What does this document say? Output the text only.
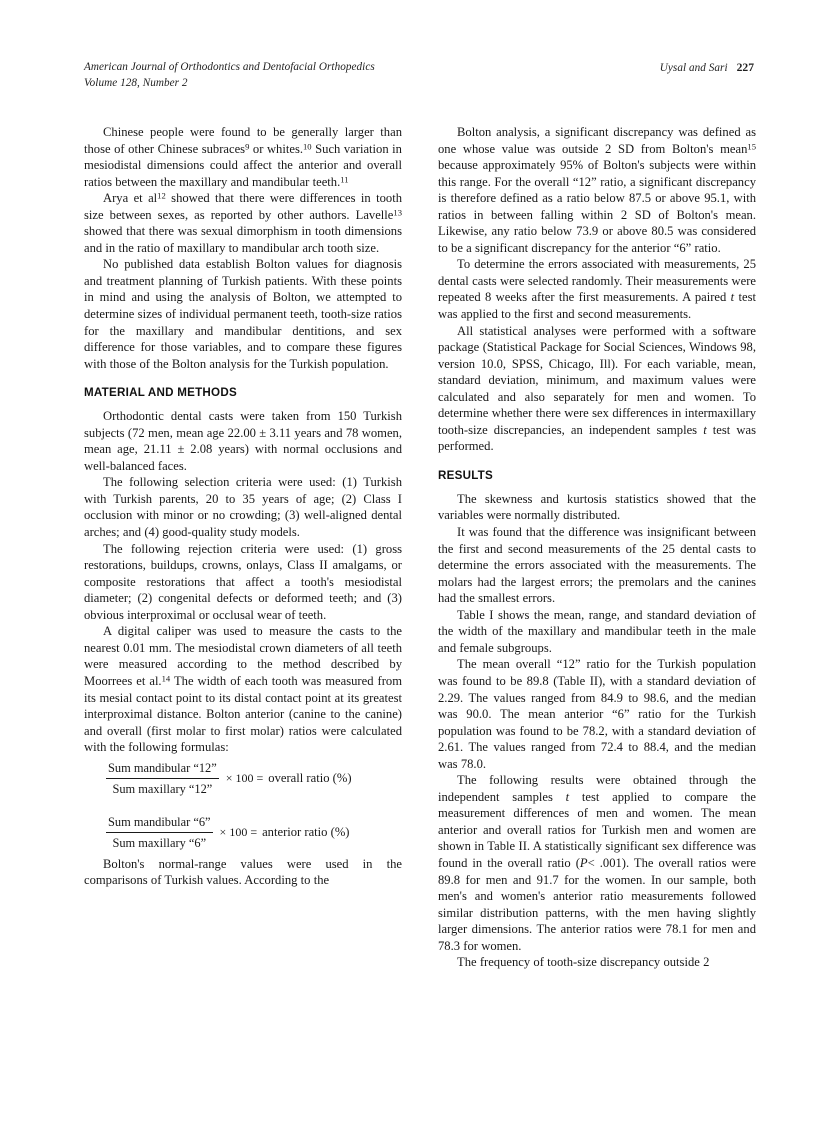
American Journal of Orthodontics and Dentofacial Orthopedics
Volume 128, Number 2
Uysal and Sari 227

Chinese people were found to be generally larger than those of other Chinese subraces$^9$ or whites.$^{10}$ Such variation in mesiodistal dimensions could affect the anterior and overall ratios between the maxillary and mandibular teeth.$^{11}$

Arya et al$^{12}$ showed that there were differences in tooth size between sexes, as reported by other authors. Lavelle$^{13}$ showed that there was sexual dimorphism in tooth dimensions and in the ratio of maxillary to mandibular arch tooth size.

No published data establish Bolton values for diagnosis and treatment planning of Turkish patients. With these points in mind and using the analysis of Bolton, we attempted to determine sizes of individual permanent teeth, tooth-size ratios for the maxillary and mandibular dentitions, and sex difference for those variables, and to compare these figures with those of the Bolton analysis for the Turkish population.

MATERIAL AND METHODS

Orthodontic dental casts were taken from 150 Turkish subjects (72 men, mean age 22.00 ± 3.11 years and 78 women, mean age, 21.11 ± 2.08 years) with normal occlusions and well-balanced faces.

The following selection criteria were used: (1) Turkish with Turkish parents, 20 to 35 years of age; (2) Class I occlusion with minor or no crowding; (3) well-aligned dental arches; and (4) good-quality study models.

The following rejection criteria were used: (1) gross restorations, buildups, crowns, onlays, Class II amalgams, or composite restorations that affect a tooth's mesiodistal diameter; (2) congenital defects or deformed teeth; and (3) obvious interproximal or occlusal wear of teeth.

A digital caliper was used to measure the casts to the nearest 0.01 mm. The mesiodistal crown diameters of all teeth were measured according to the method described by Moorrees et al.$^{14}$ The width of each tooth was measured from its mesial contact point to its distal contact point at its greatest interproximal distance. Bolton anterior (canine to the canine) and overall (first molar to first molar) ratios were calculated with the following formulas:

$\frac{\text{Sum mandibular “12”}}{\text{Sum maxillary “12”}} \times 100$ = overall ratio (%)
$\frac{\text{Sum mandibular “6”}}{\text{Sum maxillary “6”}} \times 100$ = anterior ratio (%)

Bolton's normal-range values were used in the comparisons of Turkish values. According to the

Bolton analysis, a significant discrepancy was defined as one whose value was outside 2 SD from Bolton's mean$^{15}$ because approximately 95% of Bolton's subjects were within this range. For the overall “12” ratio, a significant discrepancy is therefore defined as a ratio below 87.5 or above 95.1, with ratios in between falling within 2 SD of Bolton's mean. Likewise, any ratio below 73.9 or above 80.5 was considered to be a significant discrepancy for the anterior “6” ratio.

To determine the errors associated with measurements, 25 dental casts were selected randomly. Their measurements were repeated 8 weeks after the first measurements. A paired t test was applied to the first and second measurements.

All statistical analyses were performed with a software package (Statistical Package for Social Sciences, Windows 98, version 10.0, SPSS, Chicago, Ill). For each variable, mean, standard deviation, minimum, and maximum values were calculated and also separately for men and women. To determine whether there were sex differences in intermaxillary tooth-size discrepancies, an independent samples t test was performed.

RESULTS

The skewness and kurtosis statistics showed that the variables were normally distributed.

It was found that the difference was insignificant between the first and second measurements of the 25 dental casts to determine the errors associated with the measurements. The molars had the largest errors; the premolars and the canines had the smallest errors.

Table I shows the mean, range, and standard deviation of the width of the maxillary and mandibular teeth in the male and female subgroups.

The mean overall “12” ratio for the Turkish population was found to be 89.8 (Table II), with a standard deviation of 2.29. The values ranged from 84.9 to 98.6, and the median was 90.0. The mean anterior “6” ratio for the Turkish population was found to be 78.2, with a standard deviation of 2.61. The values ranged from 72.4 to 88.4, and the median was 78.0.

The following results were obtained through the independent samples t test applied to compare the measurement differences of men and women. The mean anterior and overall ratios for Turkish men and women are shown in Table II. A statistically significant sex difference was found in the overall ratio (P< .001). The overall ratios were 89.8 for men and 91.7 for the women. In our sample, both men's and women's anterior ratio measurements followed similar distribution patterns, with the men having slightly larger dimensions. The anterior ratios were 78.1 for men and 78.3 for women.

The frequency of tooth-size discrepancy outside 2
